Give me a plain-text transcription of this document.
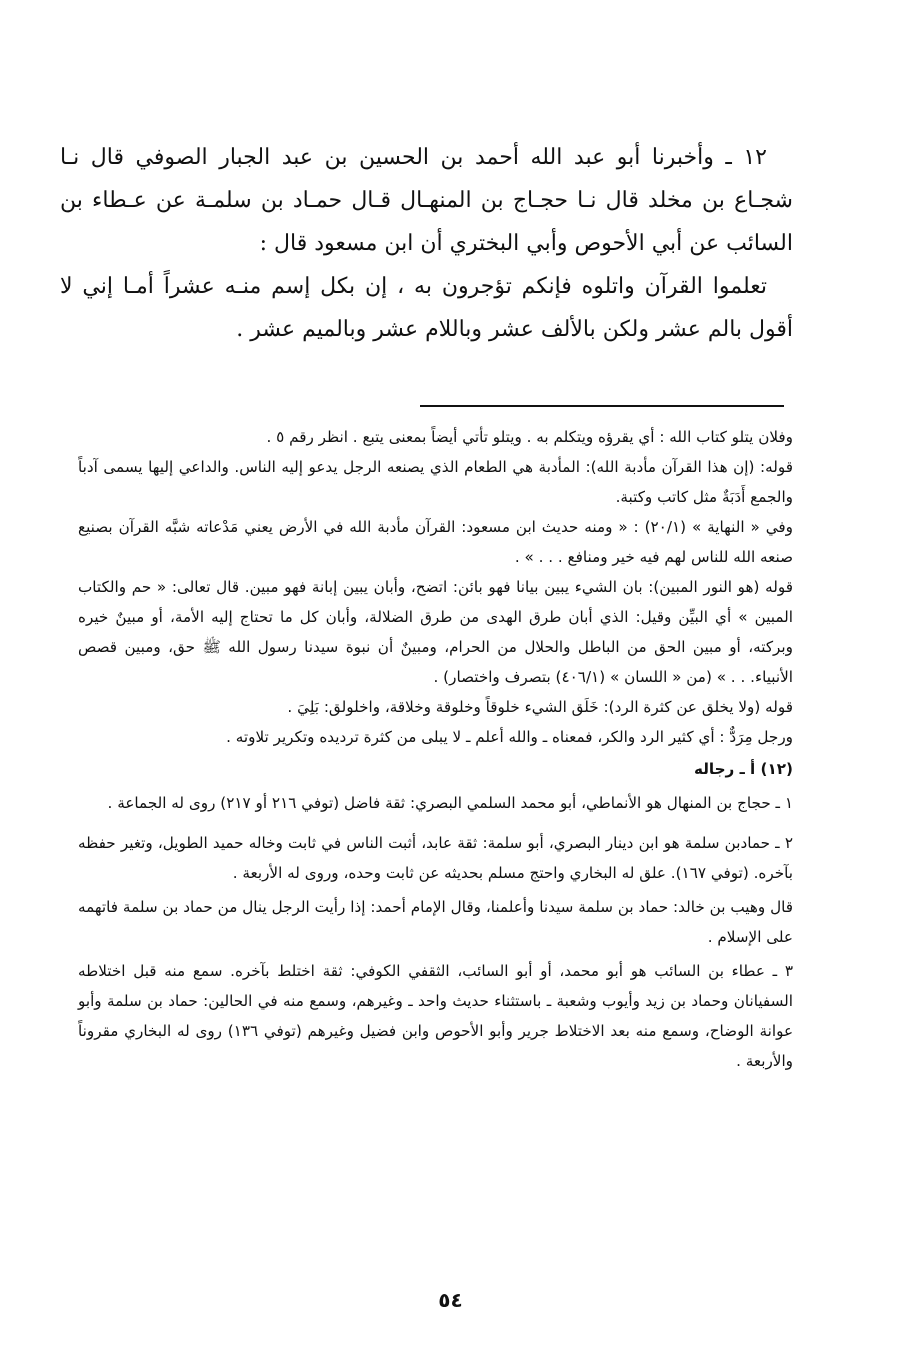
١٢ ـ وأخبرنا أبو عبد الله أحمد بن الحسين بن عبد الجبار الصوفي قال نـا شجـاع بن مخلد قال نـا حجـاج بن المنهـال قـال حمـاد بن سلمـة عن عـطاء بن السائب عن أبي الأحوص وأبي البختري أن ابن مسعود قال :

تعلموا القرآن واتلوه فإنكم تؤجرون به ، إن بكل إسم منـه عشراً أمـا إني لا أقول بالم عشر ولكن بالألف عشر وباللام عشر وبالميم عشر .

وفلان يتلو كتاب الله : أي يقرؤه ويتكلم به . ويتلو تأتي أيضاً بمعنى يتبع . انظر رقم ٥ .

قوله: (إن هذا القرآن مأدبة الله): المأدبة هي الطعام الذي يصنعه الرجل يدعو إليه الناس. والداعي إليها يسمى آدباً والجمع أَدَبَةٌ مثل كاتب وكتبة.

وفي « النهاية » (٢٠/١) : « ومنه حديث ابن مسعود: القرآن مأدبة الله في الأرض يعني مَدْعاته شبَّه القرآن بصنيع صنعه الله للناس لهم فيه خير ومنافع . . . » .

قوله (هو النور المبين): بان الشيء يبين بيانا فهو بائن: اتضح، وأبان يبين إبانة فهو مبين. قال تعالى: « حم والكتاب المبين » أي البيِّن وقيل: الذي أبان طرق الهدى من طرق الضلالة، وأبان كل ما تحتاج إليه الأمة، أو مبينٌ خيره وبركته، أو مبين الحق من الباطل والحلال من الحرام، ومبينٌ أن نبوة سيدنا رسول الله ﷺ حق، ومبين قصص الأنبياء. . . » (من « اللسان » (٤٠٦/١) بتصرف واختصار) .

قوله (ولا يخلق عن كثرة الرد): خَلَق الشيء خلوقاً وخلوقة وخلاقة، واخلولق: بَلِيَ .

ورجل مِرَدٌّ : أي كثير الرد والكر، فمعناه ـ والله أعلم ـ لا يبلى من كثرة ترديده وتكرير تلاوته .

(١٢) أ ـ رجاله

١ ـ حجاج بن المنهال هو الأنماطي، أبو محمد السلمي البصري: ثقة فاضل (توفي ٢١٦ أو ٢١٧) روى له الجماعة .

٢ ـ حمادبن سلمة هو ابن دينار البصري، أبو سلمة: ثقة عابد، أثبت الناس في ثابت وخاله حميد الطويل، وتغير حفظه بآخره. (توفي ١٦٧). علق له البخاري واحتج مسلم بحديثه عن ثابت وحده، وروى له الأربعة .

قال وهيب بن خالد: حماد بن سلمة سيدنا وأعلمنا، وقال الإمام أحمد: إذا رأيت الرجل ينال من حماد بن سلمة فاتهمه على الإسلام .

٣ ـ عطاء بن السائب هو أبو محمد، أو أبو السائب، الثقفي الكوفي: ثقة اختلط بآخره. سمع منه قبل اختلاطه السفيانان وحماد بن زيد وأيوب وشعبة ـ باستثناء حديث واحد ـ وغيرهم، وسمع منه في الحالين: حماد بن سلمة وأبو عوانة الوضاح، وسمع منه بعد الاختلاط جرير وأبو الأحوص وابن فضيل وغيرهم (توفي ١٣٦) روى له البخاري مقروناً والأربعة .

٥٤
